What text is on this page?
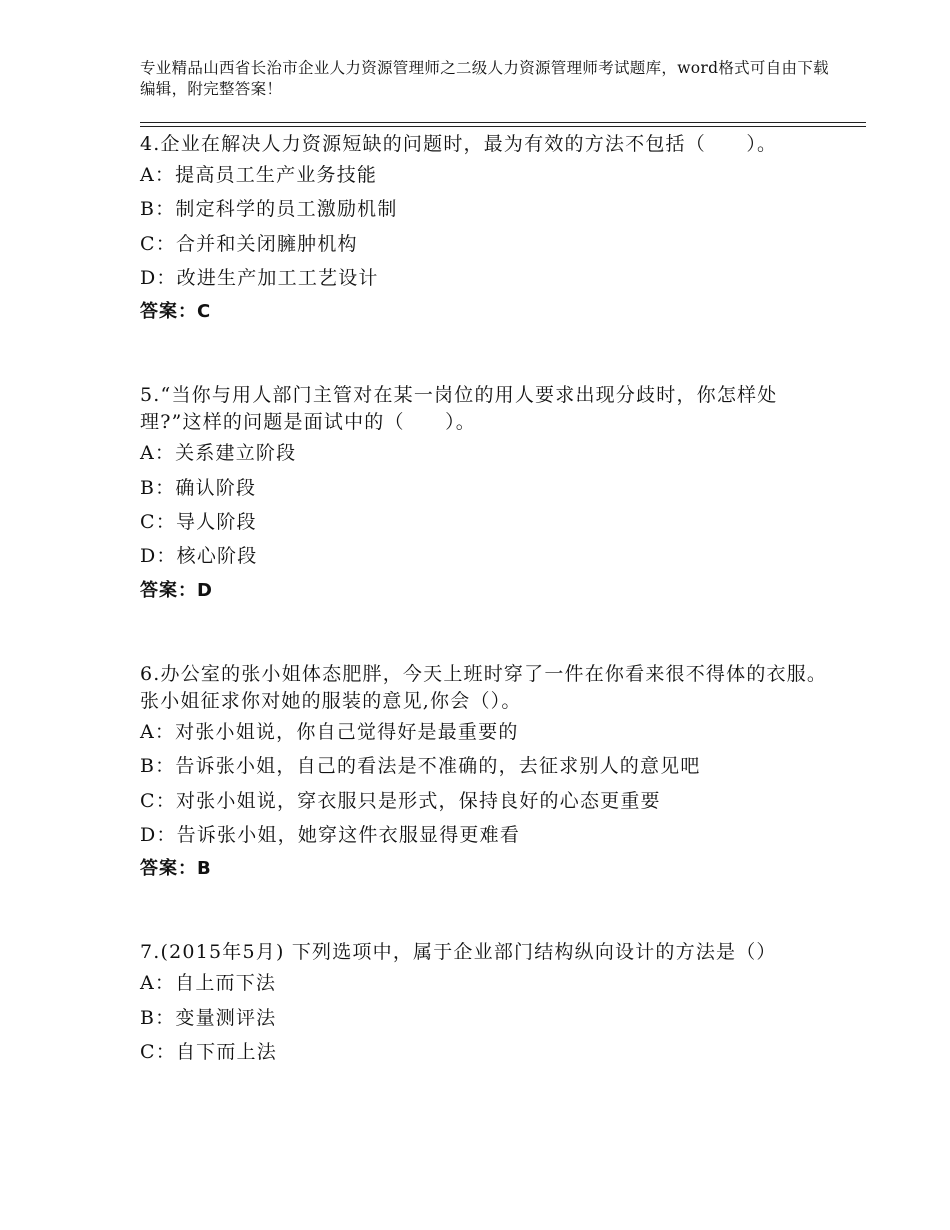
专业精品山西省长治市企业人力资源管理师之二级人力资源管理师考试题库，word格式可自由下载编辑，附完整答案！
4.企业在解决人力资源短缺的问题时，最为有效的方法不包括（　　）。
A：提高员工生产业务技能
B：制定科学的员工激励机制
C：合并和关闭臃肿机构
D：改进生产加工工艺设计
答案：C
5.“当你与用人部门主管对在某一岗位的用人要求出现分歧时，你怎样处理?”这样的问题是面试中的（　　）。
A：关系建立阶段
B：确认阶段
C：导人阶段
D：核心阶段
答案：D
6.办公室的张小姐体态肥胖，今天上班时穿了一件在你看来很不得体的衣服。张小姐征求你对她的服装的意见,你会（）。
A：对张小姐说，你自己觉得好是最重要的
B：告诉张小姐，自己的看法是不准确的，去征求别人的意见吧
C：对张小姐说，穿衣服只是形式，保持良好的心态更重要
D：告诉张小姐，她穿这件衣服显得更难看
答案：B
7.(2015年5月) 下列选项中，属于企业部门结构纵向设计的方法是（）
A：自上而下法
B：变量测评法
C：自下而上法
